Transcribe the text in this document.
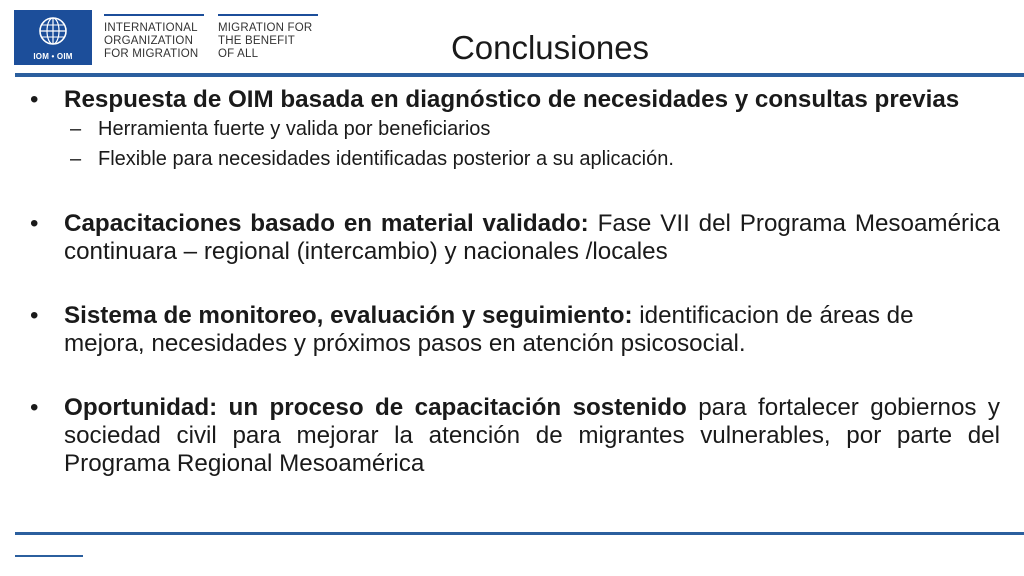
IOM • OIM
INTERNATIONAL
ORGANIZATION
FOR MIGRATION
MIGRATION FOR
THE BENEFIT
OF ALL	Conclusiones
• Respuesta de OIM basada en diagnóstico de necesidades y consultas previas
– Herramienta fuerte y valida por beneficiarios
– Flexible para necesidades identificadas posterior a su aplicación.
• Capacitaciones basado en material validado: Fase VII del Programa Mesoamérica continuara – regional (intercambio) y nacionales /locales
• Sistema de monitoreo, evaluación y seguimiento: identificacion de áreas de mejora, necesidades y próximos pasos en atención psicosocial.
• Oportunidad: un proceso de capacitación sostenido para fortalecer gobiernos y sociedad civil para mejorar la atención de migrantes vulnerables, por parte del Programa Regional Mesoamérica
